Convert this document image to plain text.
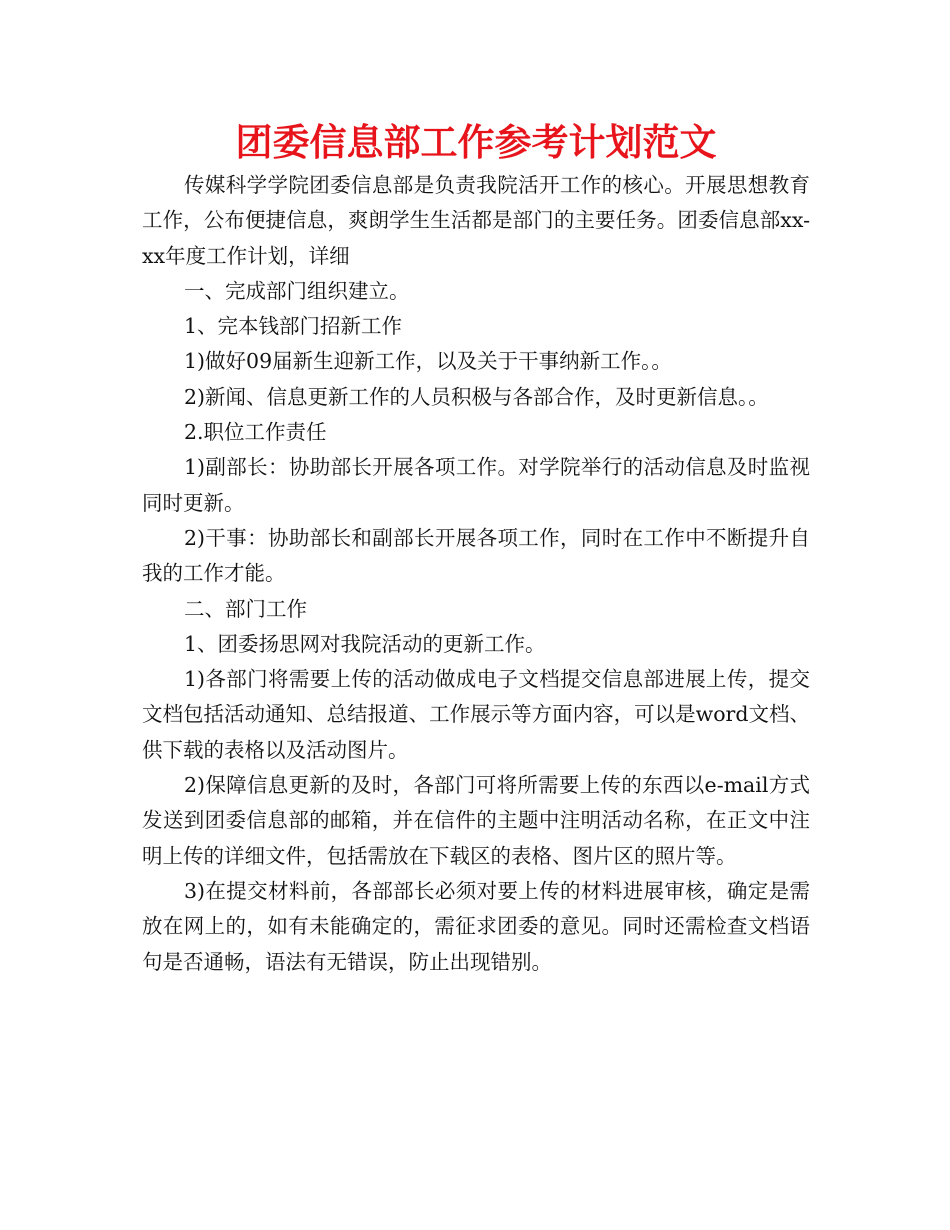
团委信息部工作参考计划范文

传媒科学学院团委信息部是负责我院活开工作的核心。开展思想教育工作，公布便捷信息，爽朗学生生活都是部门的主要任务。团委信息部xx-xx年度工作计划，详细

一、完成部门组织建立。

1、完本钱部门招新工作

1)做好09届新生迎新工作，以及关于干事纳新工作。。

2)新闻、信息更新工作的人员积极与各部合作，及时更新信息。。

2.职位工作责任

1)副部长：协助部长开展各项工作。对学院举行的活动信息及时监视同时更新。

2)干事：协助部长和副部长开展各项工作，同时在工作中不断提升自我的工作才能。

二、部门工作

1、团委扬思网对我院活动的更新工作。

1)各部门将需要上传的活动做成电子文档提交信息部进展上传，提交文档包括活动通知、总结报道、工作展示等方面内容，可以是word文档、供下载的表格以及活动图片。

2)保障信息更新的及时，各部门可将所需要上传的东西以e-mail方式发送到团委信息部的邮箱，并在信件的主题中注明活动名称，在正文中注明上传的详细文件，包括需放在下载区的表格、图片区的照片等。

3)在提交材料前，各部部长必须对要上传的材料进展审核，确定是需放在网上的，如有未能确定的，需征求团委的意见。同时还需检查文档语句是否通畅，语法有无错误，防止出现错别。
